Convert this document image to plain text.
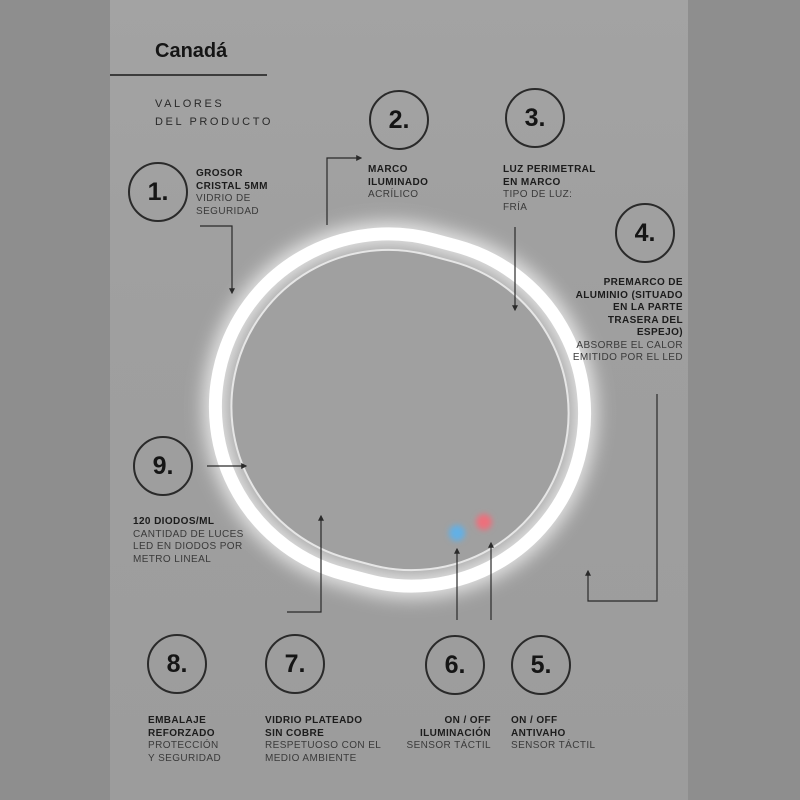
Canadá
VALORES
DEL PRODUCTO
1.
GROSOR
CRISTAL 5MM
VIDRIO DE
SEGURIDAD
2.
MARCO
ILUMINADO
ACRÍLICO
3.
LUZ PERIMETRAL
EN MARCO
TIPO DE LUZ:
FRÍA
4.
PREMARCO DE
ALUMINIO (SITUADO
EN LA PARTE
TRASERA DEL
ESPEJO)
ABSORBE EL CALOR
EMITIDO POR EL LED
9.
120 DIODOS/ML
CANTIDAD DE LUCES
LED EN DIODOS POR
METRO LINEAL
8.
EMBALAJE
REFORZADO
PROTECCIÓN
Y SEGURIDAD
7.
VIDRIO PLATEADO
SIN COBRE
RESPETUOSO CON EL
MEDIO AMBIENTE
6.
ON / OFF
ILUMINACIÓN
SENSOR TÁCTIL
5.
ON / OFF
ANTIVAHO
SENSOR TÁCTIL
